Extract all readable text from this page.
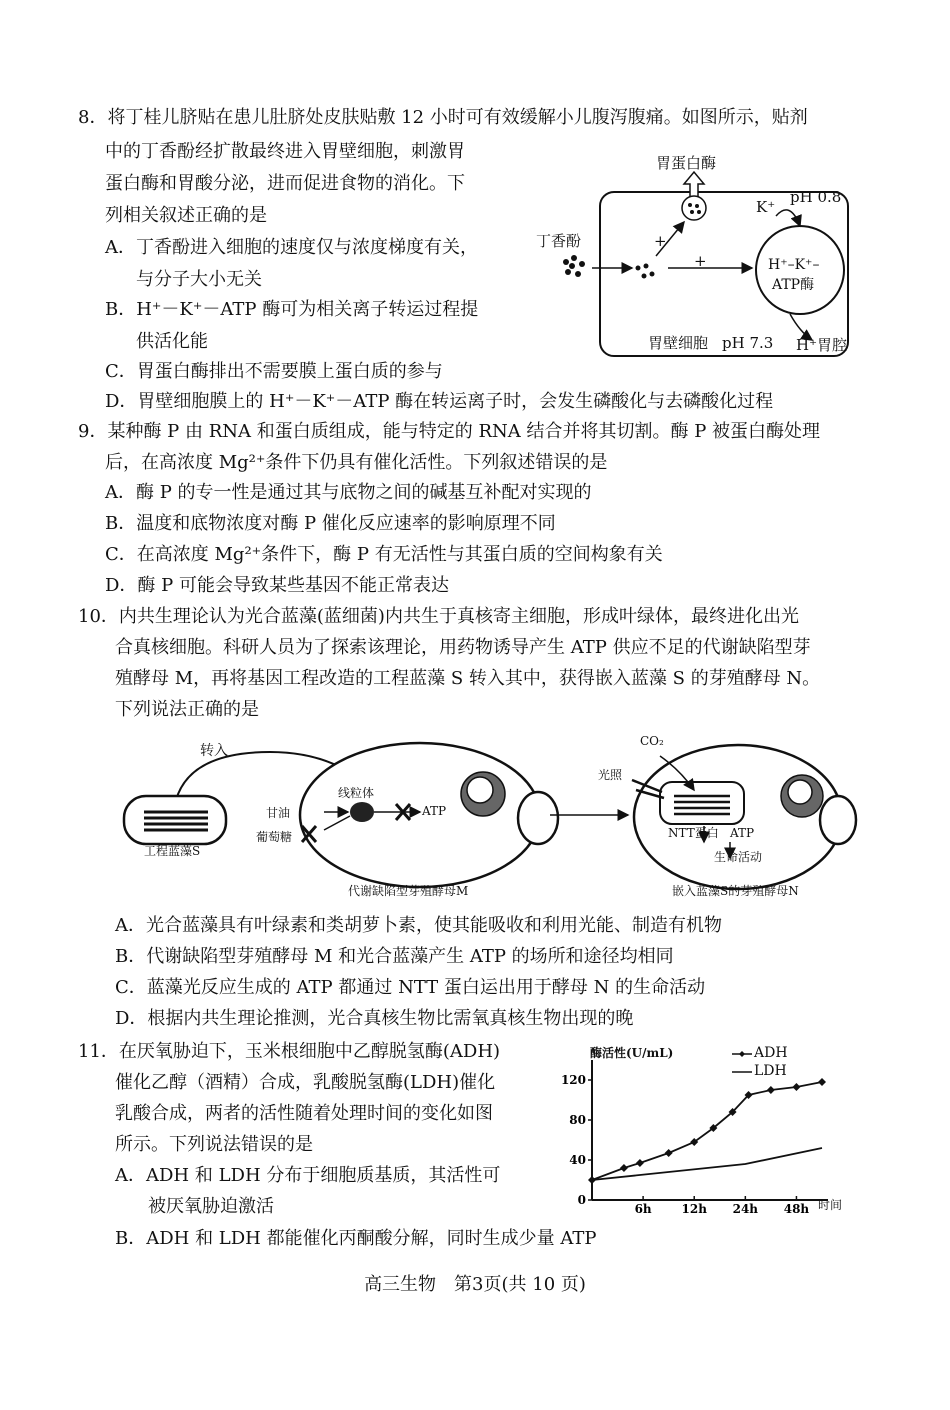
8．将丁桂儿脐贴在患儿肚脐处皮肤贴敷 12 小时可有效缓解小儿腹泻腹痛。如图所示，贴剂
中的丁香酚经扩散最终进入胃壁细胞，刺激胃
蛋白酶和胃酸分泌，进而促进食物的消化。下
列相关叙述正确的是
A．丁香酚进入细胞的速度仅与浓度梯度有关，
与分子大小无关
B．H⁺－K⁺－ATP 酶可为相关离子转运过程提
供活化能
C．胃蛋白酶排出不需要膜上蛋白质的参与
D．胃壁细胞膜上的 H⁺－K⁺－ATP 酶在转运离子时，会发生磷酸化与去磷酸化过程
胃蛋白酶
K⁺
pH 0.8
丁香酚	+
+	H⁺–K⁺–
ATP酶
胃壁细胞 pH 7.3 H⁺胃腔
9．某种酶 P 由 RNA 和蛋白质组成，能与特定的 RNA 结合并将其切割。酶 P 被蛋白酶处理
后，在高浓度 Mg²⁺条件下仍具有催化活性。下列叙述错误的是
A．酶 P 的专一性是通过其与底物之间的碱基互补配对实现的
B．温度和底物浓度对酶 P 催化反应速率的影响原理不同
C．在高浓度 Mg²⁺条件下，酶 P 有无活性与其蛋白质的空间构象有关
D．酶 P 可能会导致某些基因不能正常表达
10．内共生理论认为光合蓝藻(蓝细菌)内共生于真核寄主细胞，形成叶绿体，最终进化出光
合真核细胞。科研人员为了探索该理论，用药物诱导产生 ATP 供应不足的代谢缺陷型芽
殖酵母 M，再将基因工程改造的工程蓝藻 S 转入其中，获得嵌入蓝藻 S 的芽殖酵母 N。
下列说法正确的是
转入
工程蓝藻S
甘油
葡萄糖
线粒体
ATP
代谢缺陷型芽殖酵母M
CO₂
光照
NTT蛋白 ATP
生命活动
嵌入蓝藻S的芽殖酵母N
A．光合蓝藻具有叶绿素和类胡萝卜素，使其能吸收和利用光能、制造有机物
B．代谢缺陷型芽殖酵母 M 和光合蓝藻产生 ATP 的场所和途径均相同
C．蓝藻光反应生成的 ATP 都通过 NTT 蛋白运出用于酵母 N 的生命活动
D．根据内共生理论推测，光合真核生物比需氧真核生物出现的晚
11．在厌氧胁迫下，玉米根细胞中乙醇脱氢酶(ADH)
催化乙醇（酒精）合成，乳酸脱氢酶(LDH)催化
乳酸合成，两者的活性随着处理时间的变化如图
所示。下列说法错误的是
A．ADH 和 LDH 分布于细胞质基质，其活性可
被厌氧胁迫激活
B．ADH 和 LDH 都能催化丙酮酸分解，同时生成少量 ATP
0
40
80
120
6h 12h 24h 48h
酶活性(U/mL)
时间
ADH
LDH
高三生物　第3页(共 10 页)
